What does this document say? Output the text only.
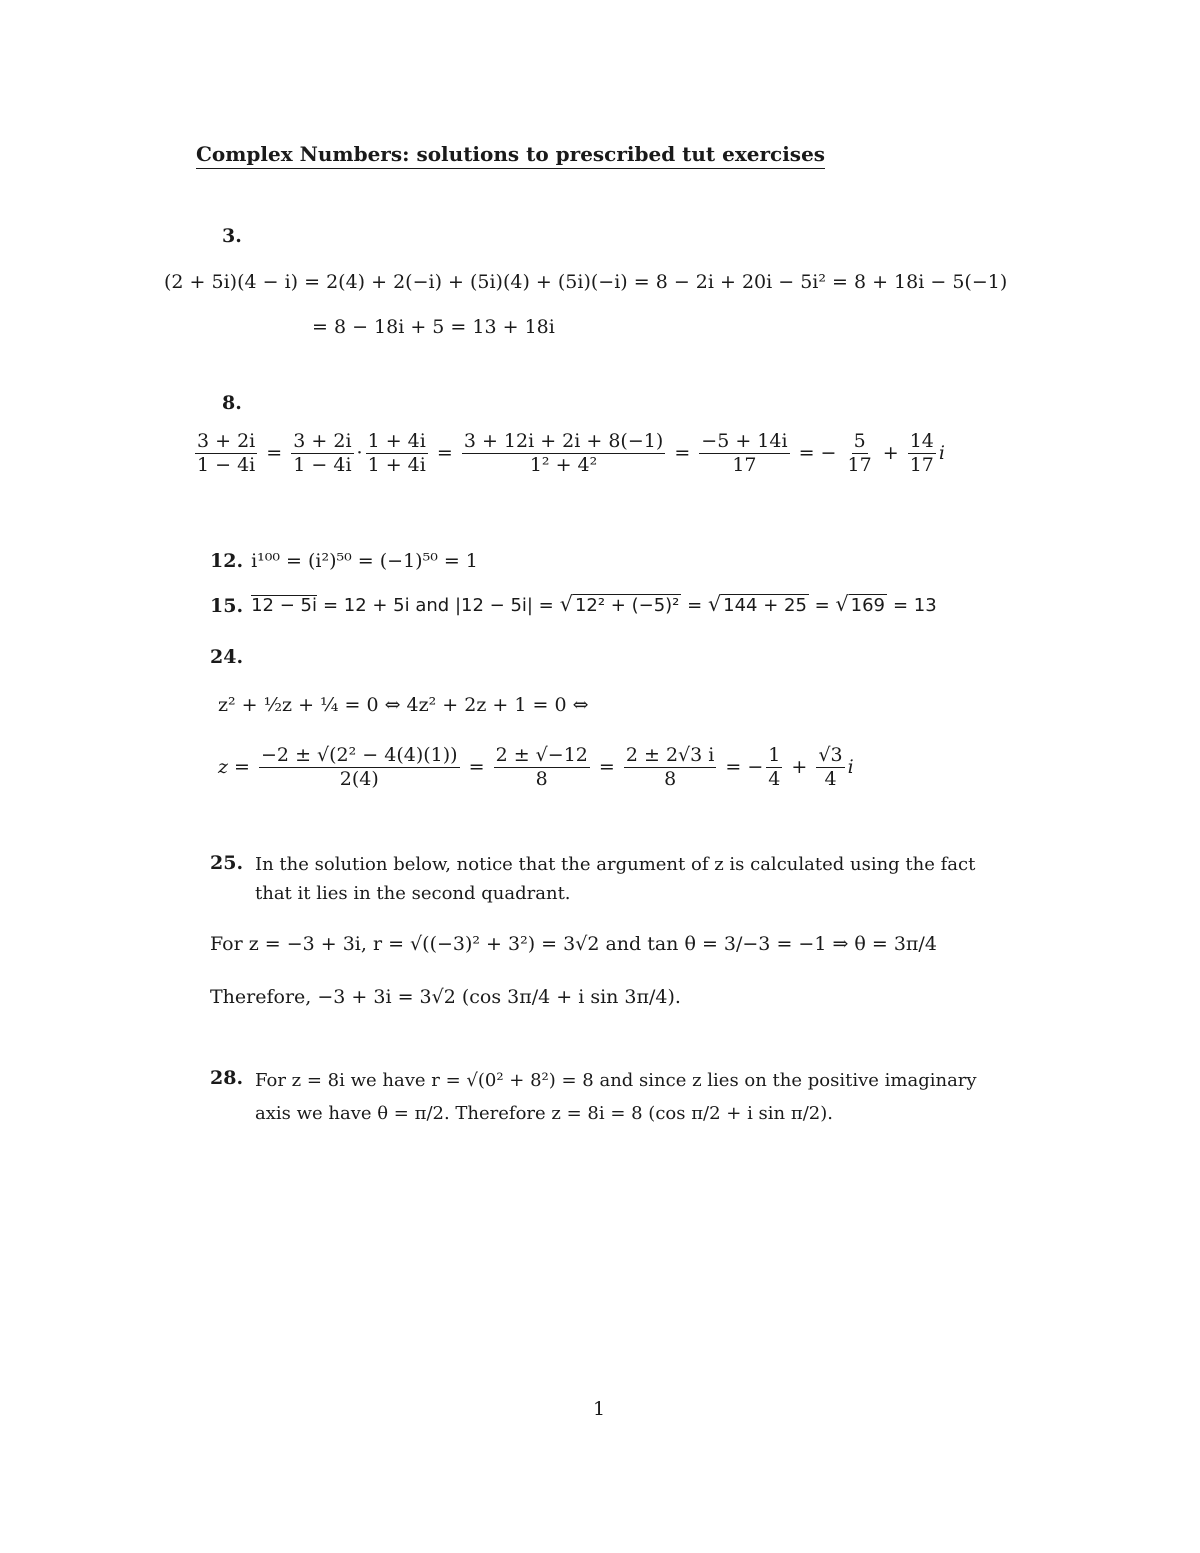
Complex Numbers: solutions to prescribed tut exercises
3.
(2 + 5i)(4 − i) = 2(4) + 2(−i) + (5i)(4) + (5i)(−i) = 8 − 2i + 20i − 5i² = 8 + 18i − 5(−1)
= 8 − 18i + 5 = 13 + 18i
8.
$\frac{3 + 2i}{1 - 4i} = \frac{3 + 2i}{1 - 4i} \cdot \frac{1 + 4i}{1 + 4i} = \frac{3 + 12i + 2i + 8(-1)}{\text{1² + 4²}} = \frac{-5 + 14i}{17}$ = − $\frac{5}{17} + \frac{14}{17}$ i
12. i¹⁰⁰ = (i²)⁵⁰ = (−1)⁵⁰ = 1
15. 12 − 5i = 12 + 5i and |12 − 5i| = √ 12² + (−5)² = √ 144 + 25 = √ 169 = 13
24.
z² + ½z + ¼ = 0 ⇔ 4z² + 2z + 1 = 0 ⇔
$z = \frac{\text{−2 ± √(2² − 4(4)(1))}}{2(4)} = \frac{2 \pm √-12}{8} = \frac{2 \pm 2√3 i}{8}$ = − $\frac{1}{4} + \frac{√3}{4}$ i
25. In the solution below, notice that the argument of z is calculated using the fact that it lies in the second quadrant.
For z = −3 + 3i, r = √((−3)² + 3²) = 3√2 and tan θ = 3/−3 = −1 ⇒ θ = 3π/4
Therefore, −3 + 3i = 3√2 (cos 3π/4 + i sin 3π/4).
28. For z = 8i we have r = √(0² + 8²) = 8 and since z lies on the positive imaginary axis we have θ = π/2. Therefore z = 8i = 8 (cos π/2 + i sin π/2).
1
